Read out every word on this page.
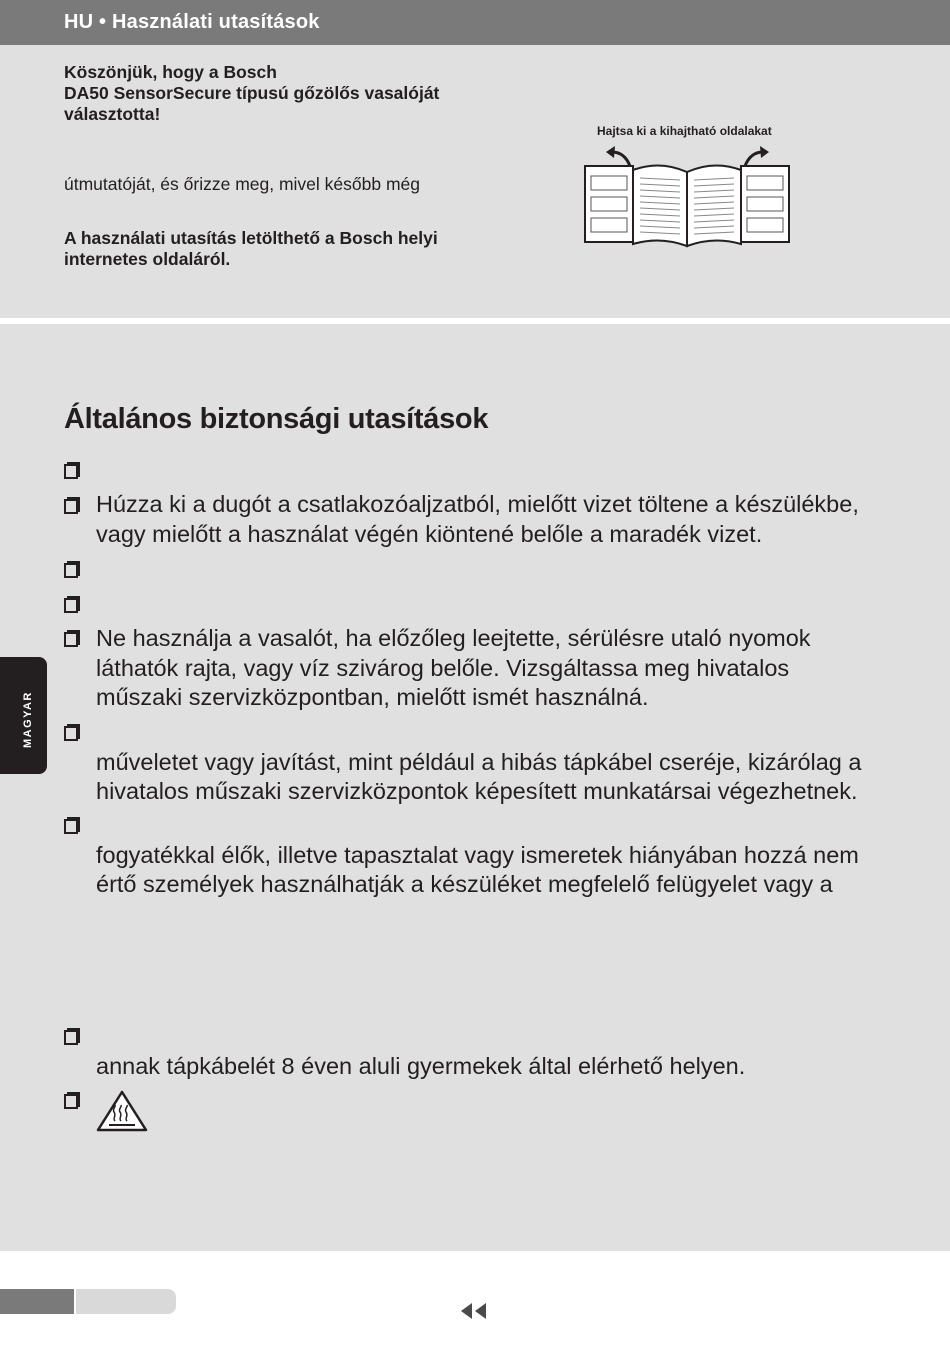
HU • Használati utasítások
Köszönjük, hogy a Bosch
DA50 SensorSecure típusú gőzölős vasalóját
választotta!
útmutatóját, és őrizze meg, mivel később még
A használati utasítás letölthető a Bosch helyi
internetes oldaláról.
Hajtsa ki a kihajtható oldalakat
Általános biztonsági utasítások
Húzza ki a dugót a csatlakozóaljzatból, mielőtt vizet töltene a készülékbe,
vagy mielőtt a használat végén kiöntené belőle a maradék vizet.
Ne használja a vasalót, ha előzőleg leejtette, sérülésre utaló nyomok
láthatók rajta, vagy víz szivárog belőle. Vizsgáltassa meg hivatalos
műszaki szervizközpontban, mielőtt ismét használná.
műveletet vagy javítást, mint például a hibás tápkábel cseréje, kizárólag a
hivatalos műszaki szervizközpontok képesített munkatársai végezhetnek.
fogyatékkal élők, illetve tapasztalat vagy ismeretek hiányában hozzá nem
értő személyek használhatják a készüléket megfelelő felügyelet vagy a
annak tápkábelét 8 éven aluli gyermekek által elérhető helyen.
MAGYAR
